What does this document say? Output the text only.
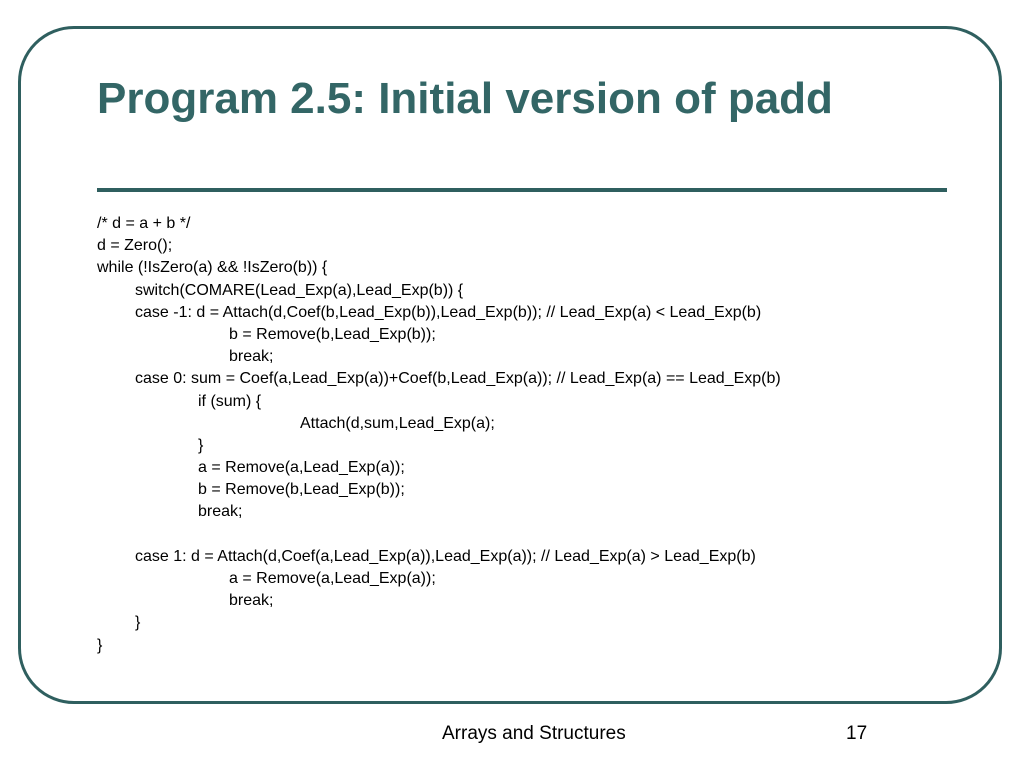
Program 2.5: Initial version of padd
/* d = a + b */
d = Zero();
while (!IsZero(a) && !IsZero(b)) {
switch(COMARE(Lead_Exp(a),Lead_Exp(b)) {
case -1: d = Attach(d,Coef(b,Lead_Exp(b)),Lead_Exp(b)); // Lead_Exp(a) < Lead_Exp(b)
b = Remove(b,Lead_Exp(b));
break;
case 0: sum = Coef(a,Lead_Exp(a))+Coef(b,Lead_Exp(a)); // Lead_Exp(a) == Lead_Exp(b)
if (sum) {
Attach(d,sum,Lead_Exp(a);
}
a = Remove(a,Lead_Exp(a));
b = Remove(b,Lead_Exp(b));
break;
case 1: d = Attach(d,Coef(a,Lead_Exp(a)),Lead_Exp(a)); // Lead_Exp(a) > Lead_Exp(b)
a = Remove(a,Lead_Exp(a));
break;
}
}
Arrays and Structures	17
